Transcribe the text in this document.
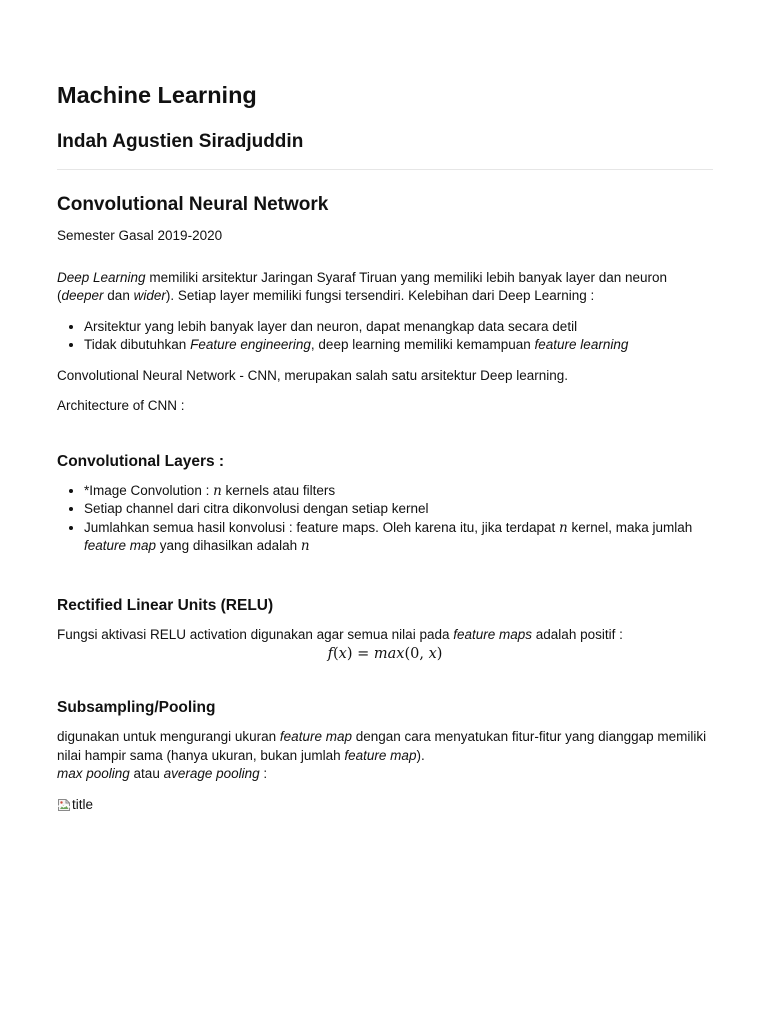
Machine Learning
Indah Agustien Siradjuddin
Convolutional Neural Network

Semester Gasal 2019-2020

Deep Learning memiliki arsitektur Jaringan Syaraf Tiruan yang memiliki lebih banyak layer dan neuron (deeper dan wider). Setiap layer memiliki fungsi tersendiri. Kelebihan dari Deep Learning :

• Arsitektur yang lebih banyak layer dan neuron, dapat menangkap data secara detil
• Tidak dibutuhkan Feature engineering, deep learning memiliki kemampuan feature learning

Convolutional Neural Network - CNN, merupakan salah satu arsitektur Deep learning.

Architecture of CNN :

Convolutional Layers :
• *Image Convolution : n kernels atau filters
• Setiap channel dari citra dikonvolusi dengan setiap kernel
• Jumlahkan semua hasil konvolusi : feature maps. Oleh karena itu, jika terdapat n kernel, maka jumlah
feature map yang dihasilkan adalah n
Rectified Linear Units (RELU)

Fungsi aktivasi RELU activation digunakan agar semua nilai pada feature maps adalah positif :

f(x) = max(0, x)
Subsampling/Pooling

digunakan untuk mengurangi ukuran feature map dengan cara menyatukan fitur-fitur yang dianggap memiliki nilai hampir sama (hanya ukuran, bukan jumlah feature map).
max pooling atau average pooling :

title
